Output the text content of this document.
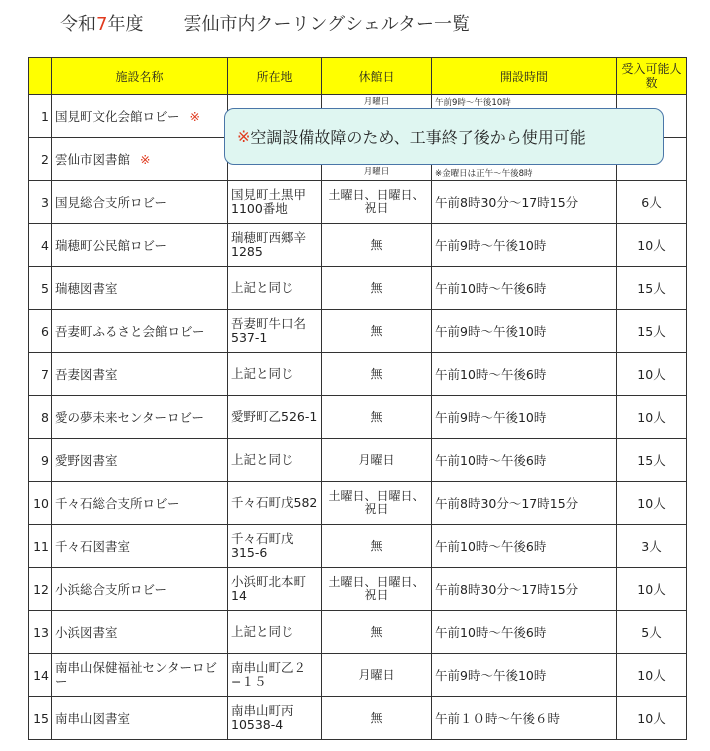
令和7年度 雲仙市内クーリングシェルター一覧
	施設名称	所在地	休館日	開設時間	受入可能人数
1	国見町文化会館ロビー ※		月曜日	午前9時～午後10時	

2	雲仙市図書館 ※		月曜日	※金曜日は正午～午後8時	

3	国見総合支所ロビー	国見町土黒甲1100番地	土曜日、日曜日、祝日	午前8時30分～17時15分	6人
4	瑞穂町公民館ロビー	瑞穂町西郷辛1285	無	午前9時～午後10時	10人
5	瑞穂図書室	上記と同じ	無	午前10時～午後6時	15人
6	吾妻町ふるさと会館ロビー	吾妻町牛口名537-1	無	午前9時～午後10時	15人
7	吾妻図書室	上記と同じ	無	午前10時～午後6時	10人
8	愛の夢未来センターロビー	愛野町乙526-1	無	午前9時～午後10時	10人
9	愛野図書室	上記と同じ	月曜日	午前10時～午後6時	15人
10	千々石総合支所ロビー	千々石町戊582	土曜日、日曜日、祝日	午前8時30分～17時15分	10人
11	千々石図書室	千々石町戊315-6	無	午前10時～午後6時	3人
12	小浜総合支所ロビー	小浜町北本町14	土曜日、日曜日、祝日	午前8時30分～17時15分	10人
13	小浜図書室	上記と同じ	無	午前10時～午後6時	5人
14	南串山保健福祉センターロビー	南串山町乙２−１５	月曜日	午前9時～午後10時	10人
15	南串山図書室	南串山町丙10538-4	無	午前１０時～午後６時	10人
※ 空調設備故障のため、工事終了後から使用可能
